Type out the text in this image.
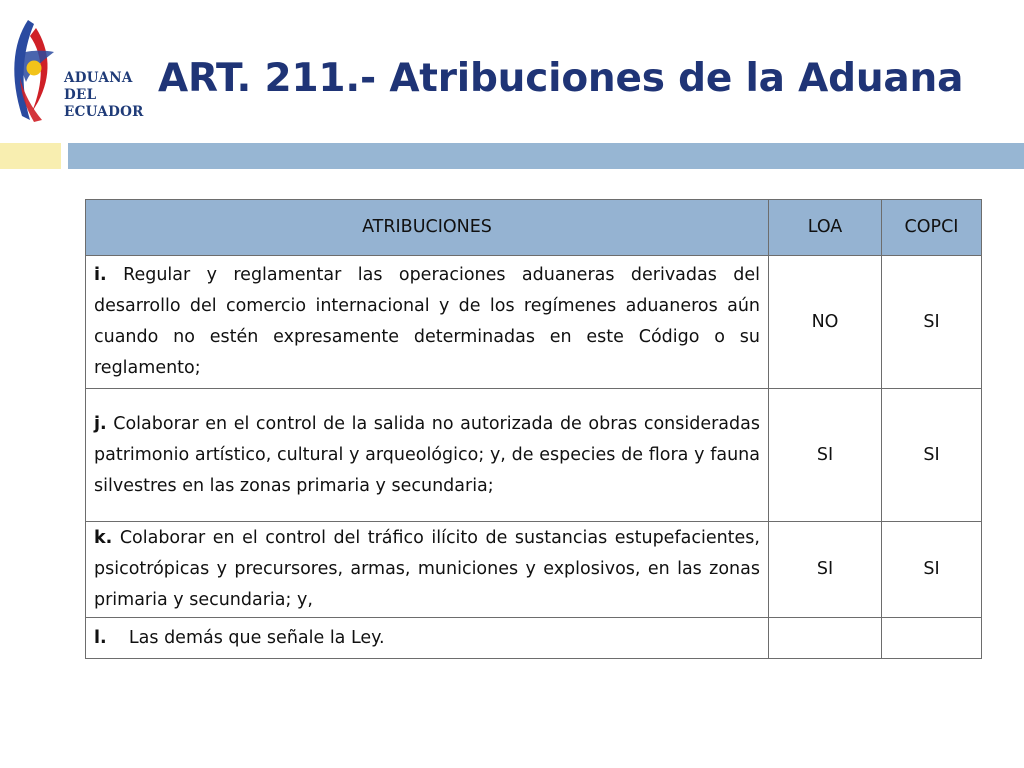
ADUANA
DEL
ECUADOR
ART. 211.- Atribuciones de la Aduana
ATRIBUCIONES	LOA	COPCI
i. Regular y reglamentar las operaciones aduaneras derivadas del desarrollo del comercio internacional y de los regímenes aduaneros aún cuando no estén expresamente determinadas en este Código o su reglamento;	NO	SI
j. Colaborar en el control de la salida no autorizada de obras consideradas patrimonio artístico, cultural y arqueológico; y, de especies de flora y fauna silvestres en las zonas primaria y secundaria;	SI	SI
k. Colaborar en el control del tráfico ilícito de sustancias estupefacientes, psicotrópicas y precursores, armas, municiones y explosivos, en las zonas primaria y secundaria; y,	SI	SI
l. Las demás que señale la Ley.		
